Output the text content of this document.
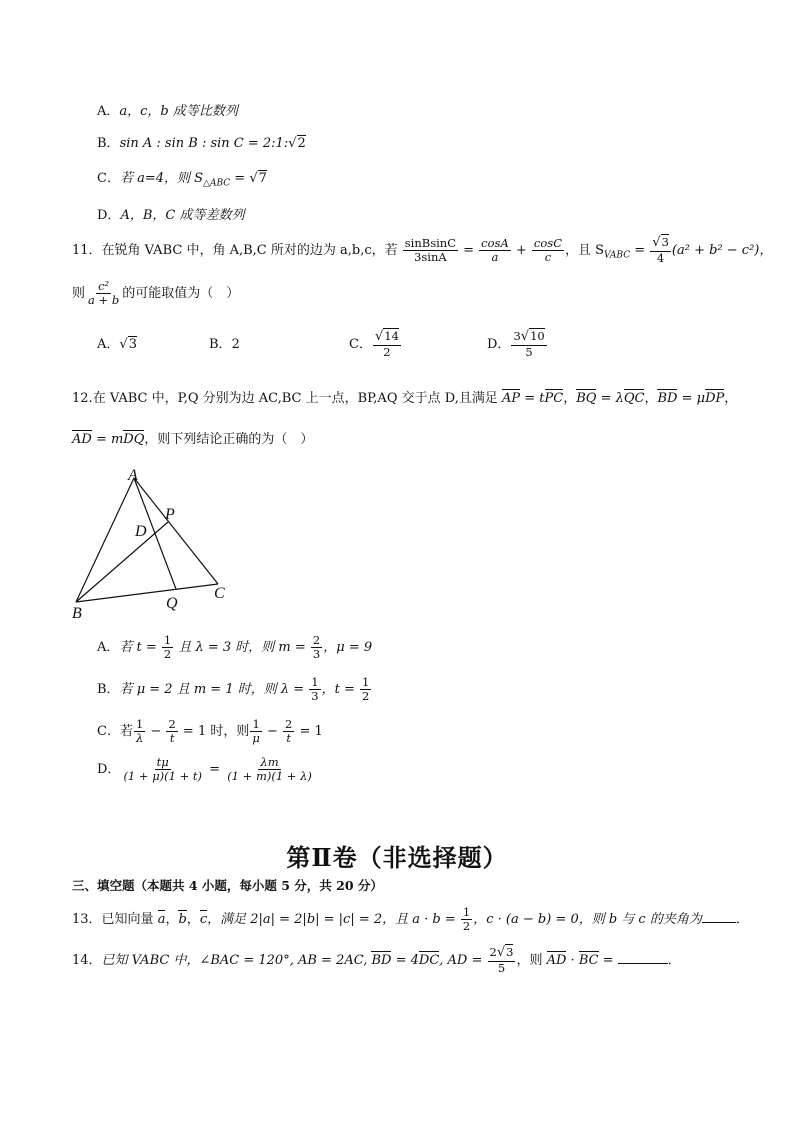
A．a，c，b 成等比数列
B．sin A : sin B : sin C = 2:1:√2
C．若 a=4，则 $S_{\triangle ABC} = √7$
D．A，B，C 成等差数列
11．在锐角 VABC 中，角 A,B,C 所对的边为 a,b,c，若 $\frac{\text{sinBsinC}}{3\sin A} = \frac{\cos A}{a} + \frac{\cos C}{c}$ ，且 $S_{VABC} = \frac{√3}{4} (a^2 + b^2 - c^2)$，
则 $\frac{\text{c²}}{a + b}$ 的可能取值为（　）
A．√3	B．2	C． $\frac{√14}{2}$	D． $\frac{3√10}{5}$
12.在 VABC 中，P,Q 分别为边 AC,BC 上一点，BP,AQ 交于点 D,且满足 AP = tPC，BQ = λQC，BD = μDP，
AD = mDQ，则下列结论正确的为（　）
A
B
C
D
P
Q
A．若 $t = \frac{1}{2}$ 且 λ = 3 时，则 $m = \frac{2}{3}$ ，μ = 9
B．若 μ = 2 且 m = 1 时，则 $\lambda = \frac{1}{3}$ ，$t = \frac{1}{2}$
C．若 $\frac{1}{\lambda} - \frac{2}{t} = 1$ 时，则 $\frac{1}{\mu} - \frac{2}{t} = 1$
D． $\frac{t\mu}{(1 + \mu)(1 + t)} = \frac{\lambda m}{(1 + m)(1 + \lambda)}$
第Ⅱ卷（非选择题）
三、填空题（本题共 4 小题，每小题 5 分，共 20 分）
13．已知向量 a，b，c，满足 2|a| = 2|b| = |c| = 2，且 $a \cdot b = \frac{1}{2}$ ，c · (a − b) = 0，则 b 与 c 的夹角为	．
14．已知 VABC 中，∠BAC = 120°, AB = 2AC, BD = 4DC, AD = $\frac{2√3}{5}$ ，则 AD · BC =	．
